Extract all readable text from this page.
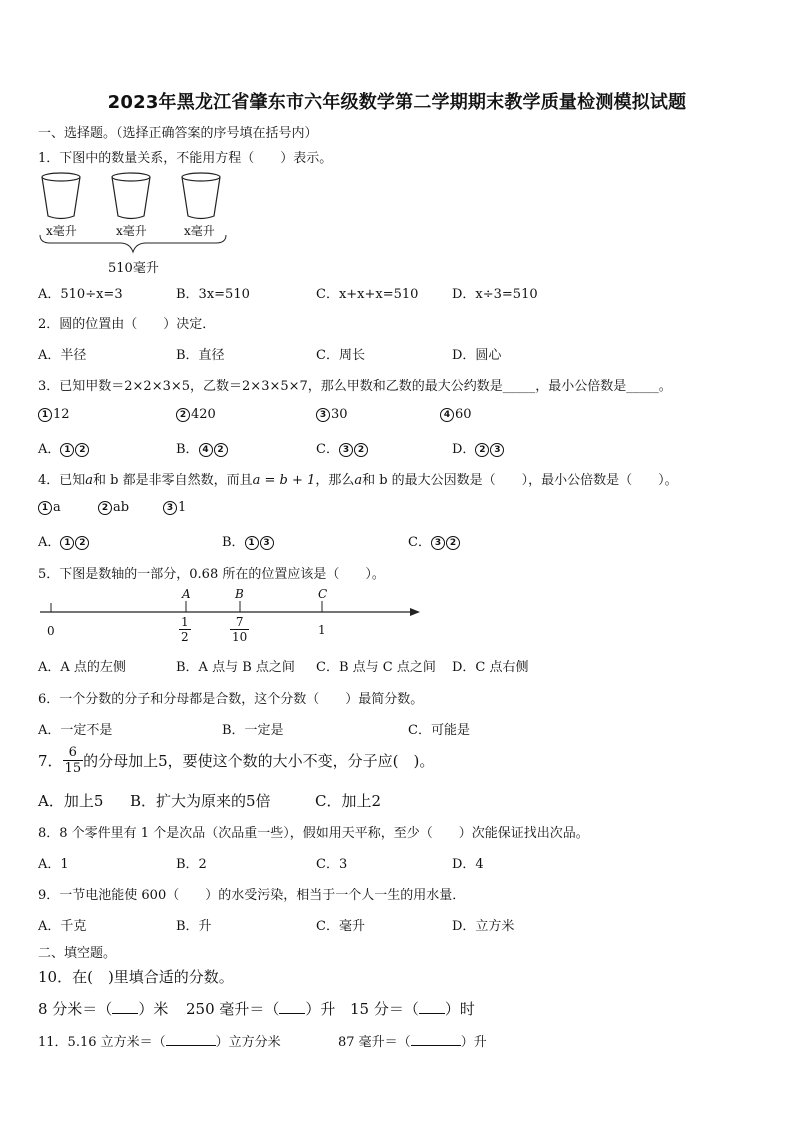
2023年黑龙江省肇东市六年级数学第二学期期末教学质量检测模拟试题
一、选择题。（选择正确答案的序号填在括号内）
1．下图中的数量关系，不能用方程（　　）表示。
x毫升	x毫升	x毫升
510毫升
A．510÷x=3	B．3x=510	C．x+x+x=510	D．x÷3=510
2．圆的位置由（　　）决定．
A．半径	B．直径	C．周长	D．圆心
3．已知甲数＝2×2×3×5，乙数＝2×3×5×7，那么甲数和乙数的最大公约数是_____，最小公倍数是_____。
1 12	2 420	3 30	4 60
A． 1 2	B． 4 2	C． 3 2	D． 2 3
4．已知a和 b 都是非零自然数，而且a = b + 1，那么a和 b 的最大公因数是（　　），最小公倍数是（　　）。
1 a	2 ab	3 1
A． 1 2	B． 1 3	C． 3 2
5．下图是数轴的一部分，0.68 所在的位置应该是（　　）。
0
A	B	C
$\frac{1}{2}$	$\frac{7}{10}$	1
A．A 点的左侧	B．A 点与 B 点之间 C．B 点与 C 点之间 D．C 点右侧
6．一个分数的分子和分母都是合数，这个分数（　　）最简分数。
A．一定不是	B．一定是	C．可能是
7． $\frac{6}{15}$ 的分母加上5，要使这个数的大小不变，分子应(　)。
A．加上5 B．扩大为原来的5倍	C．加上2
8．8 个零件里有 1 个是次品（次品重一些），假如用天平称，至少（　　）次能保证找出次品。
A．1	B．2	C．3	D．4
9．一节电池能使 600（　　）的水受污染，相当于一个人一生的用水量．
A．千克	B．升	C．毫升	D．立方米
二、填空题。
10．在(　)里填合适的分数。
8 分米＝（ ）米 250 毫升＝（ ）升 15 分＝（ ）时
11．5.16 立方米＝（	）立方分米	87 毫升＝（	）升
